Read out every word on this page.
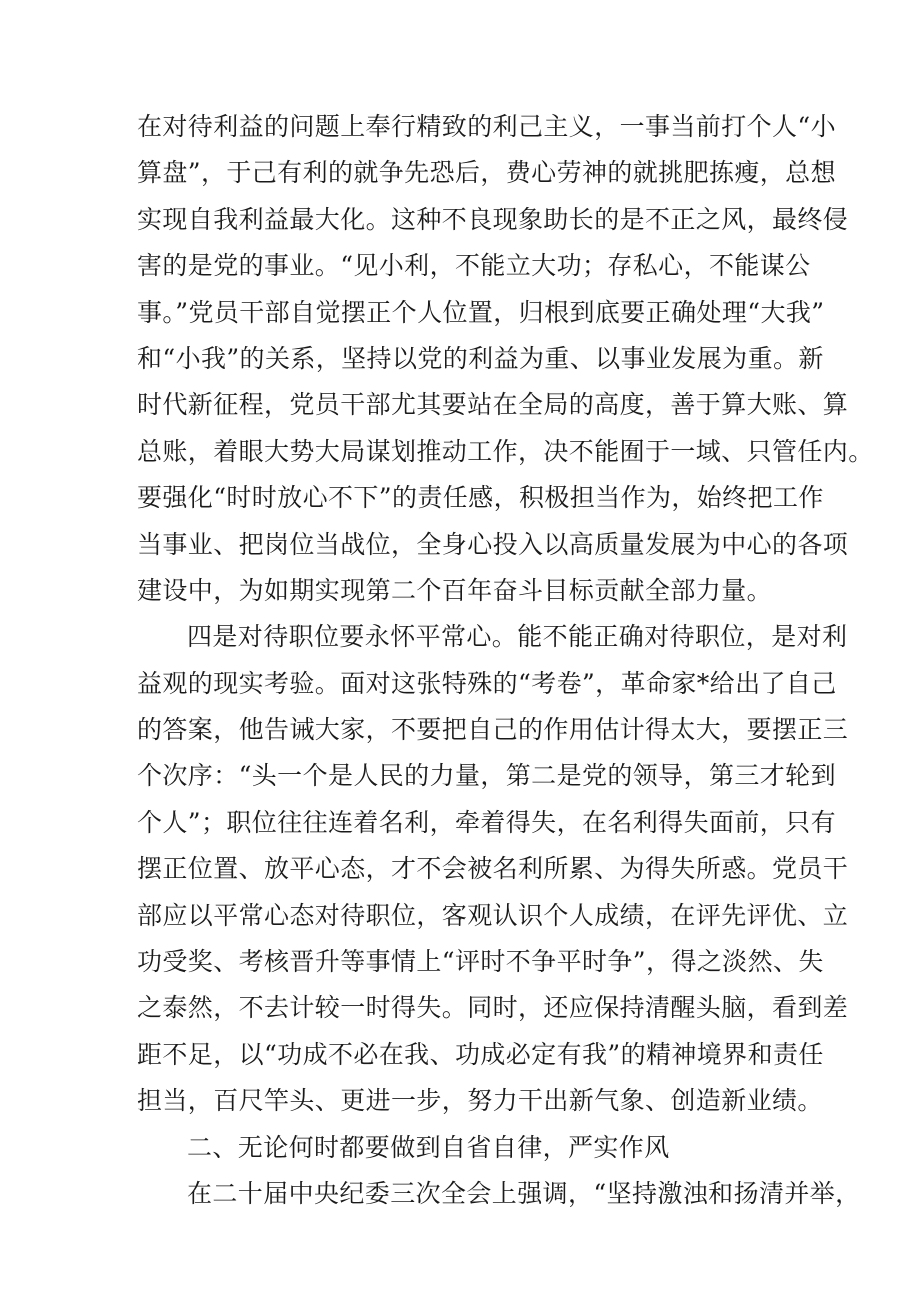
在对待利益的问题上奉行精致的利己主义，一事当前打个人“小
算盘”，于己有利的就争先恐后，费心劳神的就挑肥拣瘦，总想
实现自我利益最大化。这种不良现象助长的是不正之风，最终侵
害的是党的事业。“见小利，不能立大功；存私心，不能谋公
事。”党员干部自觉摆正个人位置，归根到底要正确处理“大我”
和“小我”的关系，坚持以党的利益为重、以事业发展为重。新
时代新征程，党员干部尤其要站在全局的高度，善于算大账、算
总账，着眼大势大局谋划推动工作，决不能囿于一域、只管任内。
要强化“时时放心不下”的责任感，积极担当作为，始终把工作
当事业、把岗位当战位，全身心投入以高质量发展为中心的各项
建设中，为如期实现第二个百年奋斗目标贡献全部力量。
四是对待职位要永怀平常心。能不能正确对待职位，是对利
益观的现实考验。面对这张特殊的“考卷”，革命家*给出了自己
的答案，他告诫大家，不要把自己的作用估计得太大，要摆正三
个次序：“头一个是人民的力量，第二是党的领导，第三才轮到
个人”；职位往往连着名利，牵着得失，在名利得失面前，只有
摆正位置、放平心态，才不会被名利所累、为得失所惑。党员干
部应以平常心态对待职位，客观认识个人成绩，在评先评优、立
功受奖、考核晋升等事情上“评时不争平时争”，得之淡然、失
之泰然，不去计较一时得失。同时，还应保持清醒头脑，看到差
距不足，以“功成不必在我、功成必定有我”的精神境界和责任
担当，百尺竿头、更进一步，努力干出新气象、创造新业绩。
二、无论何时都要做到自省自律，严实作风
在二十届中央纪委三次全会上强调，“坚持激浊和扬清并举，
